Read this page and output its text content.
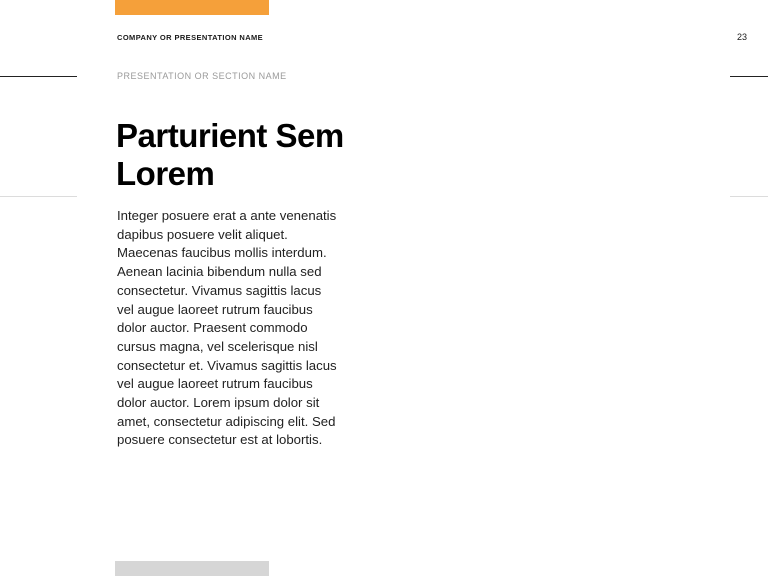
COMPANY OR PRESENTATION NAME	23
PRESENTATION OR SECTION NAME
Parturient Sem Lorem

Integer posuere erat a ante venenatis dapibus posuere velit aliquet. Maecenas faucibus mollis interdum. Aenean lacinia bibendum nulla sed consectetur. Vivamus sagittis lacus vel augue laoreet rutrum faucibus dolor auctor. Praesent commodo cursus magna, vel scelerisque nisl consectetur et. Vivamus sagittis lacus vel augue laoreet rutrum faucibus dolor auctor. Lorem ipsum dolor sit amet, consectetur adipiscing elit. Sed posuere consectetur est at lobortis.
